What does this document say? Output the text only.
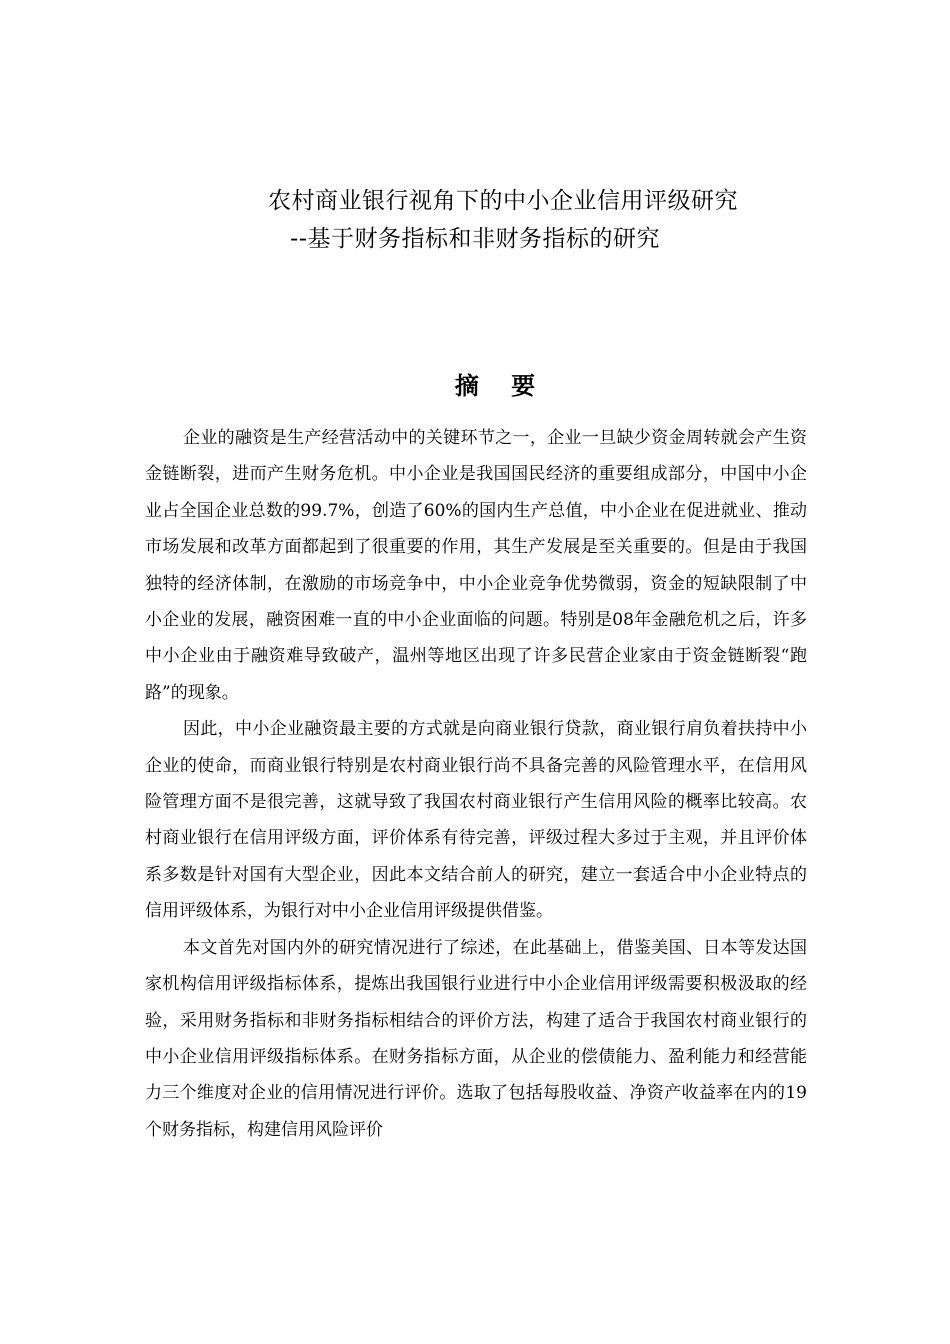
农村商业银行视角下的中小企业信用评级研究
--基于财务指标和非财务指标的研究
摘 要

企业的融资是生产经营活动中的关键环节之一，企业一旦缺少资金周转就会产生资金链断裂，进而产生财务危机。中小企业是我国国民经济的重要组成部分，中国中小企业占全国企业总数的99.7%，创造了60%的国内生产总值，中小企业在促进就业、推动市场发展和改革方面都起到了很重要的作用，其生产发展是至关重要的。但是由于我国独特的经济体制，在激励的市场竞争中，中小企业竞争优势微弱，资金的短缺限制了中小企业的发展，融资困难一直的中小企业面临的问题。特别是08年金融危机之后，许多中小企业由于融资难导致破产，温州等地区出现了许多民营企业家由于资金链断裂“跑路”的现象。

因此，中小企业融资最主要的方式就是向商业银行贷款，商业银行肩负着扶持中小企业的使命，而商业银行特别是农村商业银行尚不具备完善的风险管理水平，在信用风险管理方面不是很完善，这就导致了我国农村商业银行产生信用风险的概率比较高。农村商业银行在信用评级方面，评价体系有待完善，评级过程大多过于主观，并且评价体系多数是针对国有大型企业，因此本文结合前人的研究，建立一套适合中小企业特点的信用评级体系，为银行对中小企业信用评级提供借鉴。

本文首先对国内外的研究情况进行了综述，在此基础上，借鉴美国、日本等发达国家机构信用评级指标体系，提炼出我国银行业进行中小企业信用评级需要积极汲取的经验，采用财务指标和非财务指标相结合的评价方法，构建了适合于我国农村商业银行的中小企业信用评级指标体系。在财务指标方面，从企业的偿债能力、盈利能力和经营能力三个维度对企业的信用情况进行评价。选取了包括每股收益、净资产收益率在内的19个财务指标，构建信用风险评价
